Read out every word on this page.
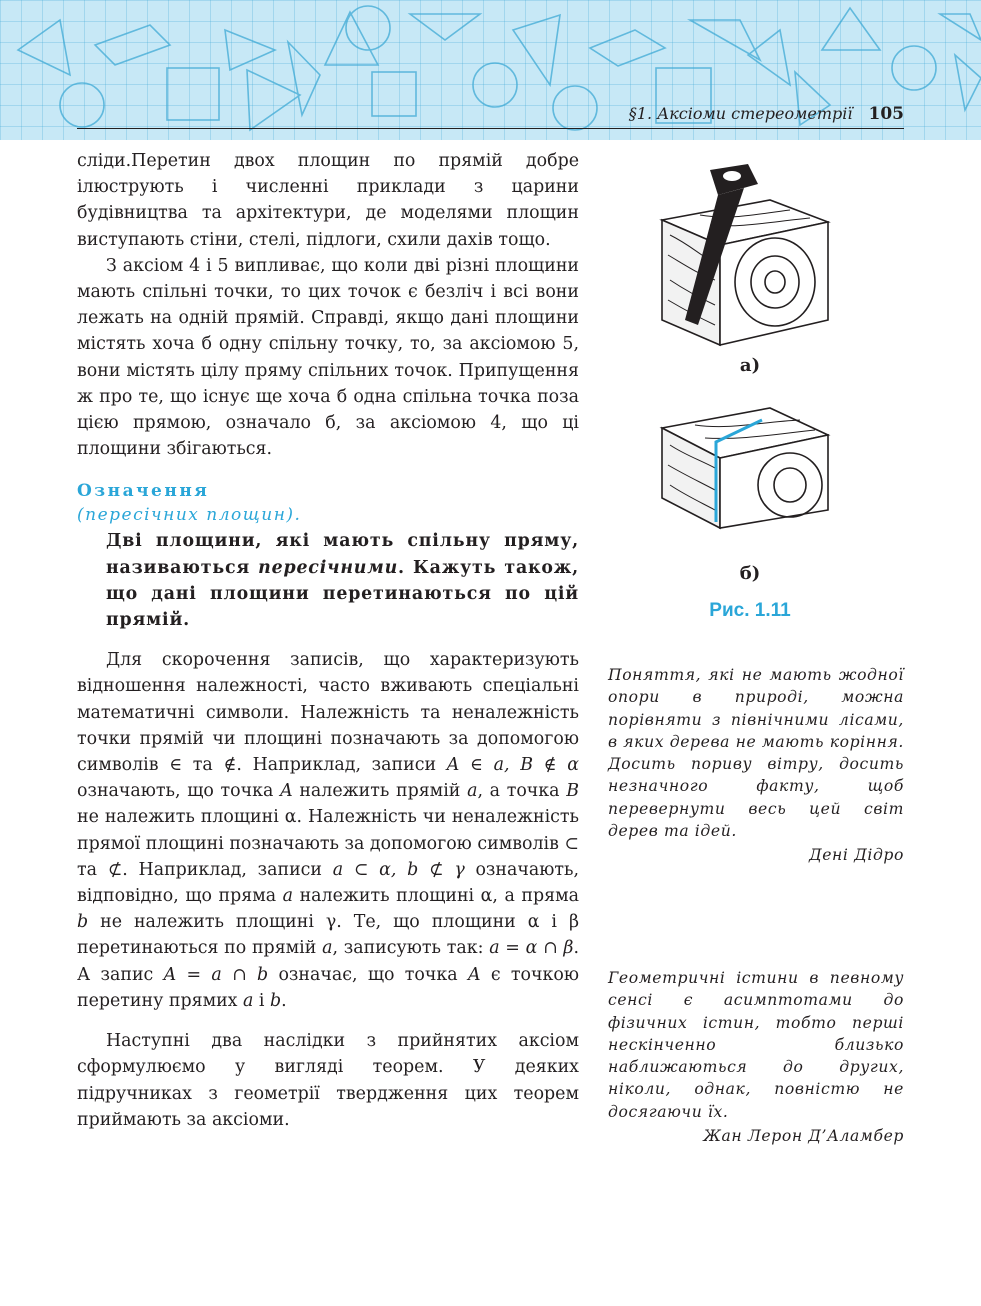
§1. Аксіоми стереометрії 105

сліди.Перетин двох площин по прямій добре ілюструють і численні приклади з царини будівництва та архітектури, де моделями площин виступають стіни, стелі, підлоги, схили дахів тощо.

З аксіом 4 і 5 випливає, що коли дві різні площини мають спільні точки, то цих точок є безліч і всі вони лежать на одній прямій. Справді, якщо дані площини містять хоча б одну спільну точку, то, за аксіомою 5, вони містять цілу пряму спільних точок. Припущення ж про те, що існує ще хоча б одна спільна точка поза цією прямою, означало б, за аксіомою 4, що ці площини збігаються.

Означення
(пересічних площин).

Дві площини, які мають спільну пряму, називаються пересічними. Кажуть також, що дані площини перетинаються по цій прямій.

Для скорочення записів, що характеризують відношення належності, часто вживають спеціальні математичні символи. Належність та неналежність точки прямій чи площині позначають за допомогою символів ∈ та ∉. Наприклад, записи A ∈ a, B ∉ α означають, що точка A належить прямій a, а точка B не належить площині α. Належність чи неналежність прямої площині позначають за допомогою символів ⊂ та ⊄. Наприклад, записи a ⊂ α, b ⊄ γ означають, відповідно, що пряма a належить площині α, а пряма b не належить площині γ. Те, що площини α і β перетинаються по прямій a, записують так: a = α ∩ β. А запис A = a ∩ b означає, що точка A є точкою перетину прямих a і b.

Наступні два наслідки з прийнятих аксіом сформулюємо у вигляді теорем. У деяких підручниках з геометрії твердження цих теорем приймають за аксіоми.

а)
б)
Рис. 1.11
Поняття, які не мають жодної опори в природі, можна порівняти з північними лісами, в яких дерева не мають коріння. Досить пориву вітру, досить незначного факту, щоб перевернути весь цей світ дерев та ідей.
Дені Дідро
Геометричні істини в певному сенсі є асимптотами до фізичних істин, тобто перші нескінченно близько наближаються до других, ніколи, однак, повністю не досягаючи їх.
Жан Лерон Д’Аламбер
